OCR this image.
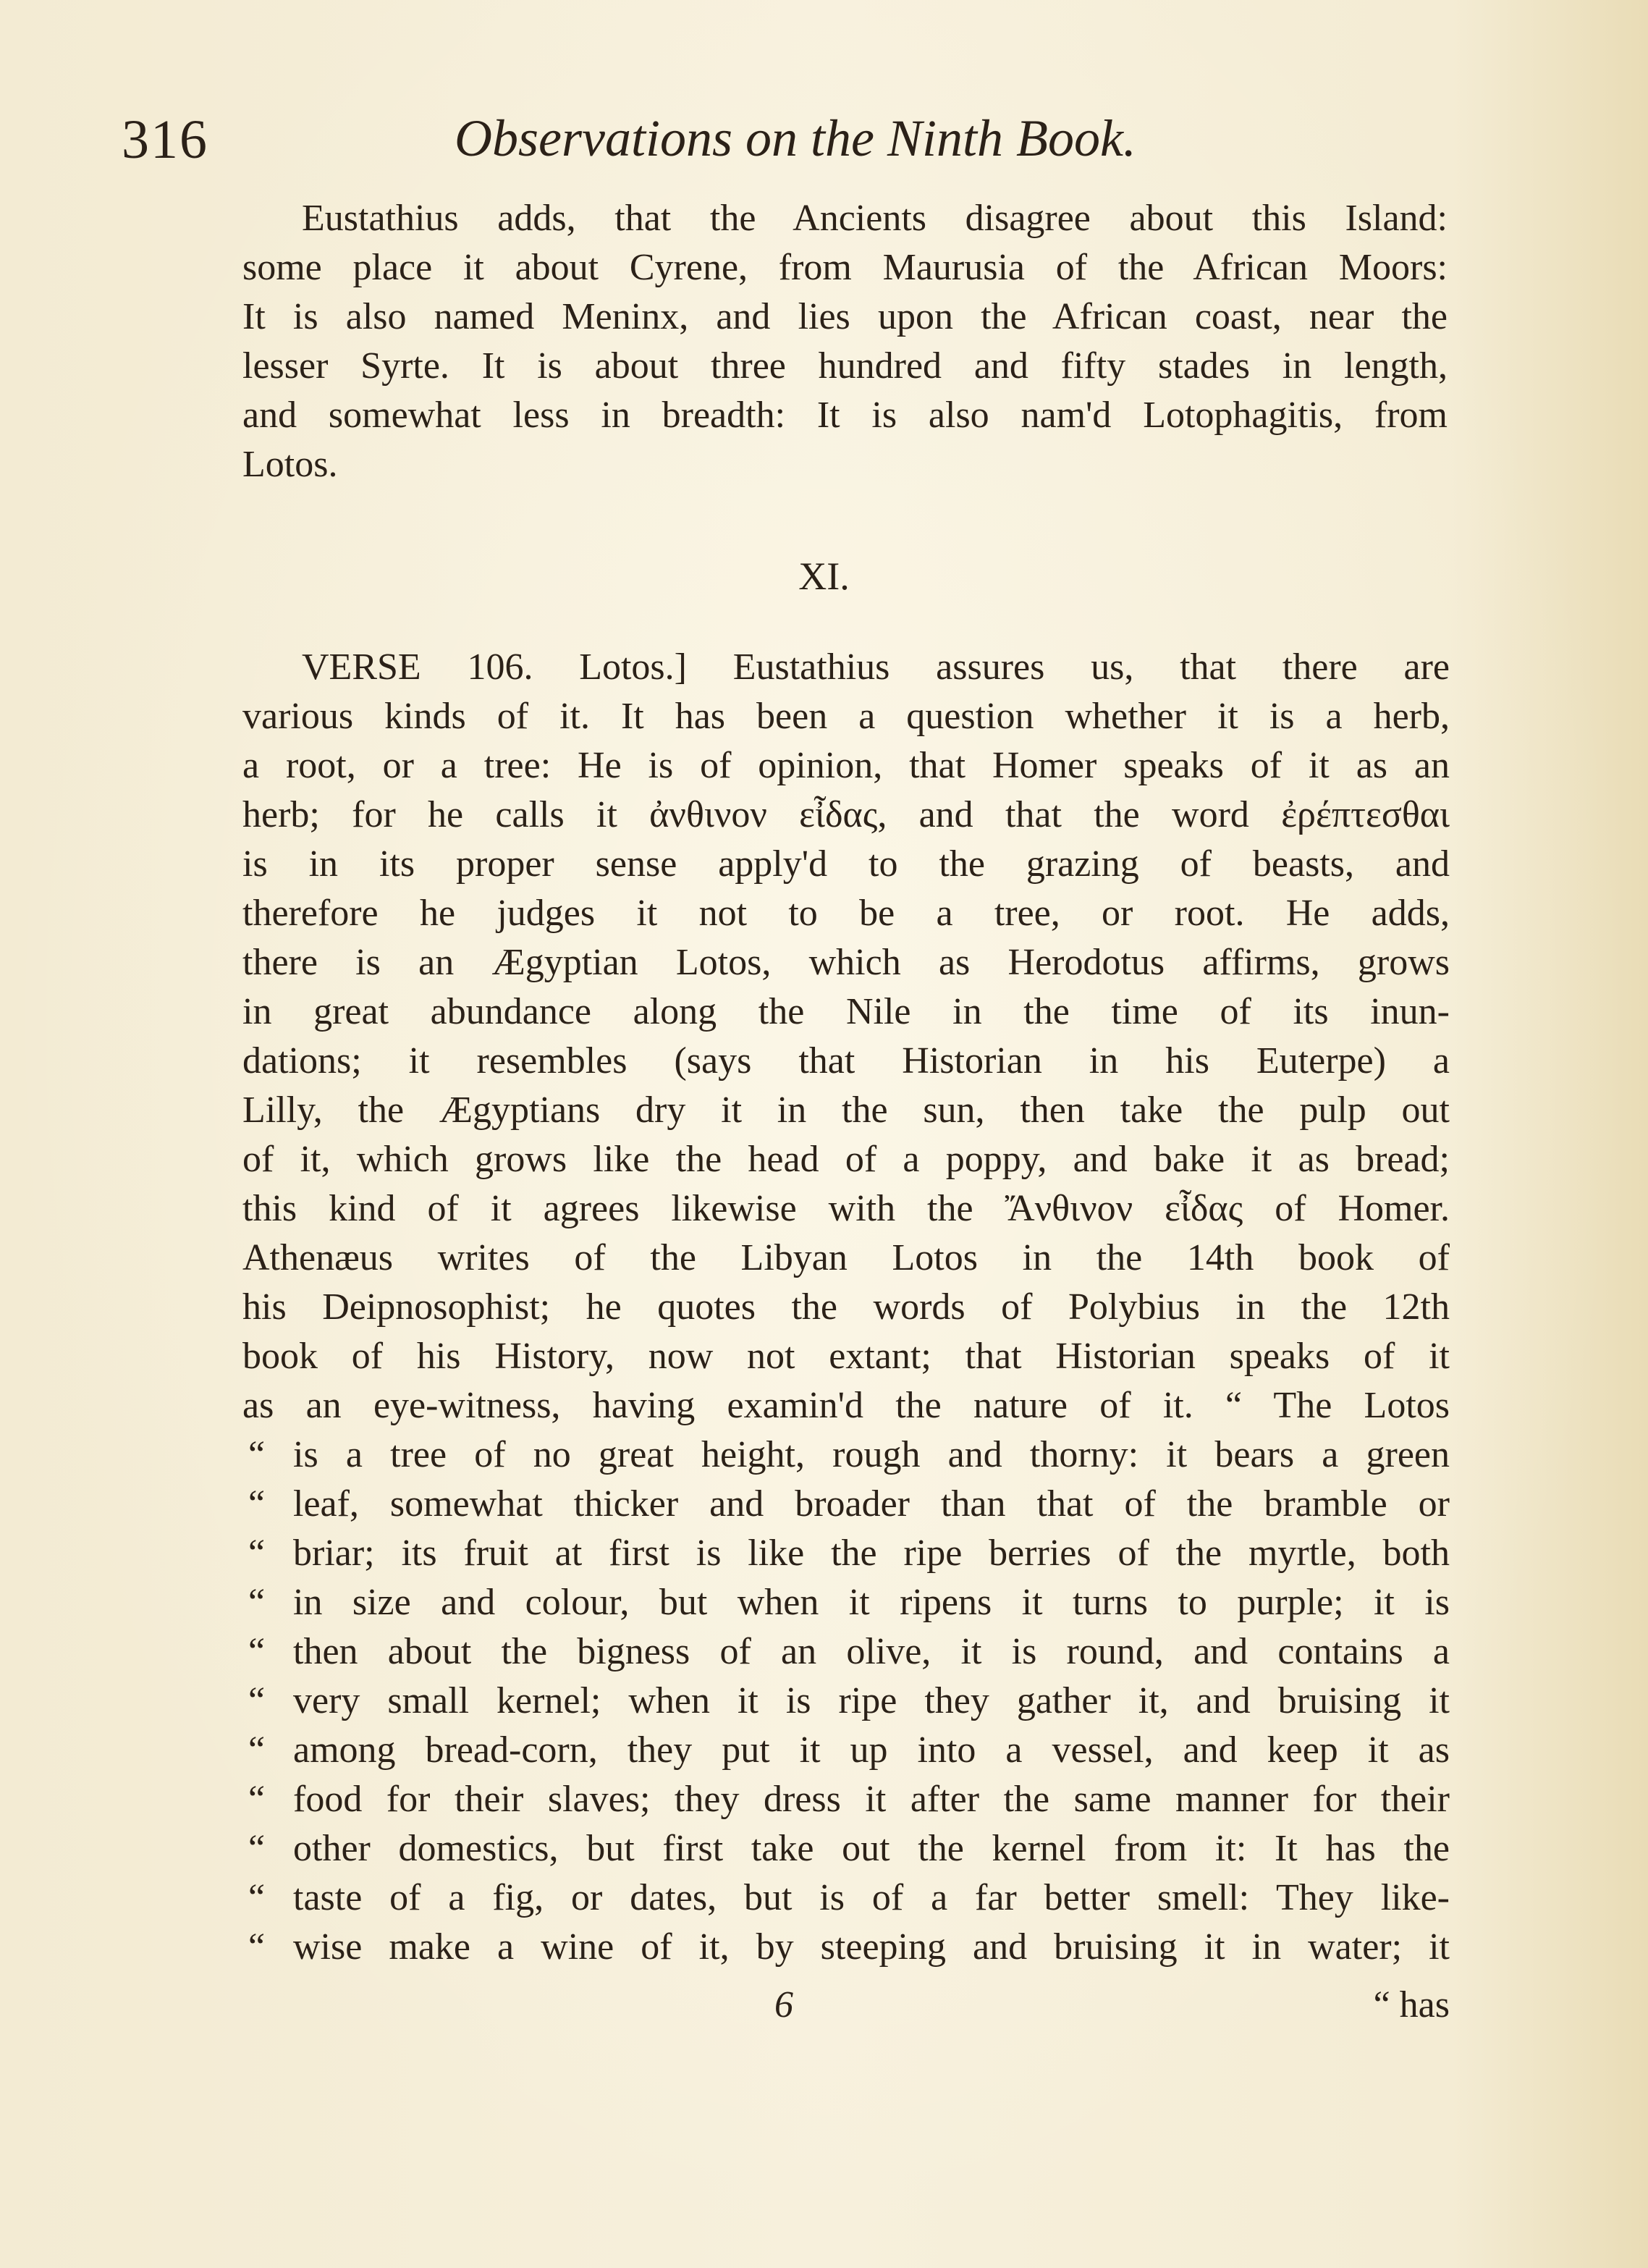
316	Observations on the Ninth Book.
Eustathius adds, that the Ancients disagree about this Island:
some place it about Cyrene, from Maurusia of the African Moors:
It is also named Meninx, and lies upon the African coast, near the
lesser Syrte. It is about three hundred and fifty stades in length,
and somewhat less in breadth: It is also nam'd Lotophagitis, from
Lotos.
XI.
VERSE 106. Lotos.] Eustathius assures us, that there are
various kinds of it. It has been a question whether it is a herb,
a root, or a tree: He is of opinion, that Homer speaks of it as an
herb; for he calls it ἀνθινον εἶδας, and that the word ἐρέπτεσθαι
is in its proper sense apply'd to the grazing of beasts, and
therefore he judges it not to be a tree, or root. He adds,
there is an Ægyptian Lotos, which as Herodotus affirms, grows
in great abundance along the Nile in the time of its inun-
dations; it resembles (says that Historian in his Euterpe) a
Lilly, the Ægyptians dry it in the sun, then take the pulp out
of it, which grows like the head of a poppy, and bake it as bread;
this kind of it agrees likewise with the Ἄνθινον εἶδας of Homer.
Athenæus writes of the Libyan Lotos in the 14th book of
his Deipnosophist; he quotes the words of Polybius in the 12th
book of his History, now not extant; that Historian speaks of it
as an eye-witness, having examin'd the nature of it. “ The Lotos
“ is a tree of no great height, rough and thorny: it bears a green
“ leaf, somewhat thicker and broader than that of the bramble or
“ briar; its fruit at first is like the ripe berries of the myrtle, both
“ in size and colour, but when it ripens it turns to purple; it is
“ then about the bigness of an olive, it is round, and contains a
“ very small kernel; when it is ripe they gather it, and bruising it
“ among bread-corn, they put it up into a vessel, and keep it as
“ food for their slaves; they dress it after the same manner for their
“ other domestics, but first take out the kernel from it: It has the
“ taste of a fig, or dates, but is of a far better smell: They like-
“ wise make a wine of it, by steeping and bruising it in water; it
6	“ has
